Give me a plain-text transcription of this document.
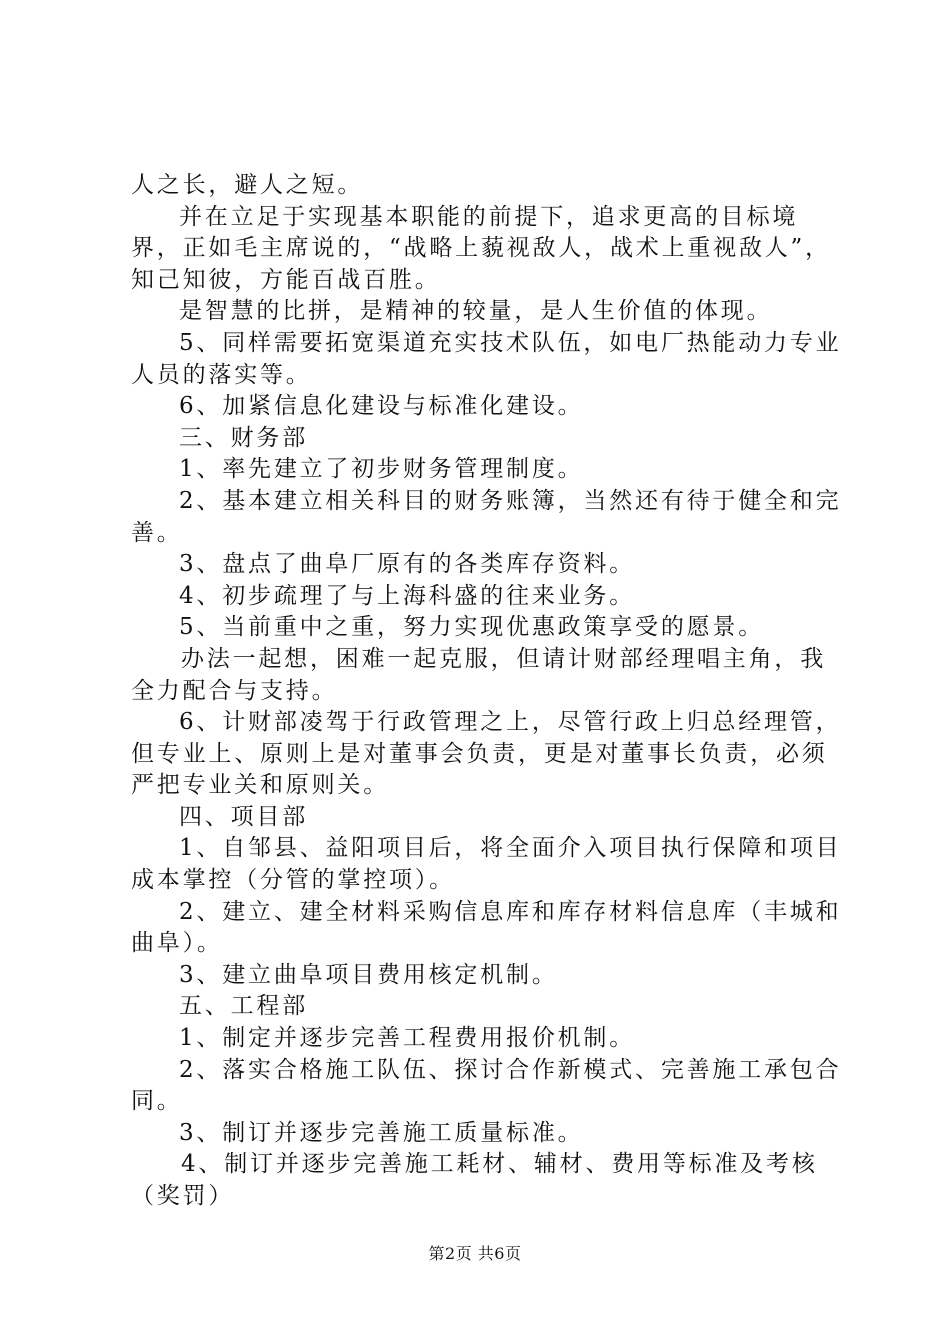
人之长，避人之短。

并在立足于实现基本职能的前提下，追求更高的目标境界，正如毛主席说的，“战略上藐视敌人，战术上重视敌人”，知己知彼，方能百战百胜。

是智慧的比拼，是精神的较量，是人生价值的体现。

5、同样需要拓宽渠道充实技术队伍，如电厂热能动力专业人员的落实等。

6、加紧信息化建设与标准化建设。

三、财务部

1、率先建立了初步财务管理制度。

2、基本建立相关科目的财务账簿，当然还有待于健全和完善。

3、盘点了曲阜厂原有的各类库存资料。

4、初步疏理了与上海科盛的往来业务。

5、当前重中之重，努力实现优惠政策享受的愿景。

办法一起想，困难一起克服，但请计财部经理唱主角，我全力配合与支持。

6、计财部凌驾于行政管理之上，尽管行政上归总经理管，但专业上、原则上是对董事会负责，更是对董事长负责，必须严把专业关和原则关。

四、项目部

1、自邹县、益阳项目后，将全面介入项目执行保障和项目成本掌控（分管的掌控项）。

2、建立、建全材料采购信息库和库存材料信息库（丰城和曲阜）。

3、建立曲阜项目费用核定机制。

五、工程部

1、制定并逐步完善工程费用报价机制。

2、落实合格施工队伍、探讨合作新模式、完善施工承包合同。

3、制订并逐步完善施工质量标准。

4、制订并逐步完善施工耗材、辅材、费用等标准及考核（奖罚）

第2页 共6页
